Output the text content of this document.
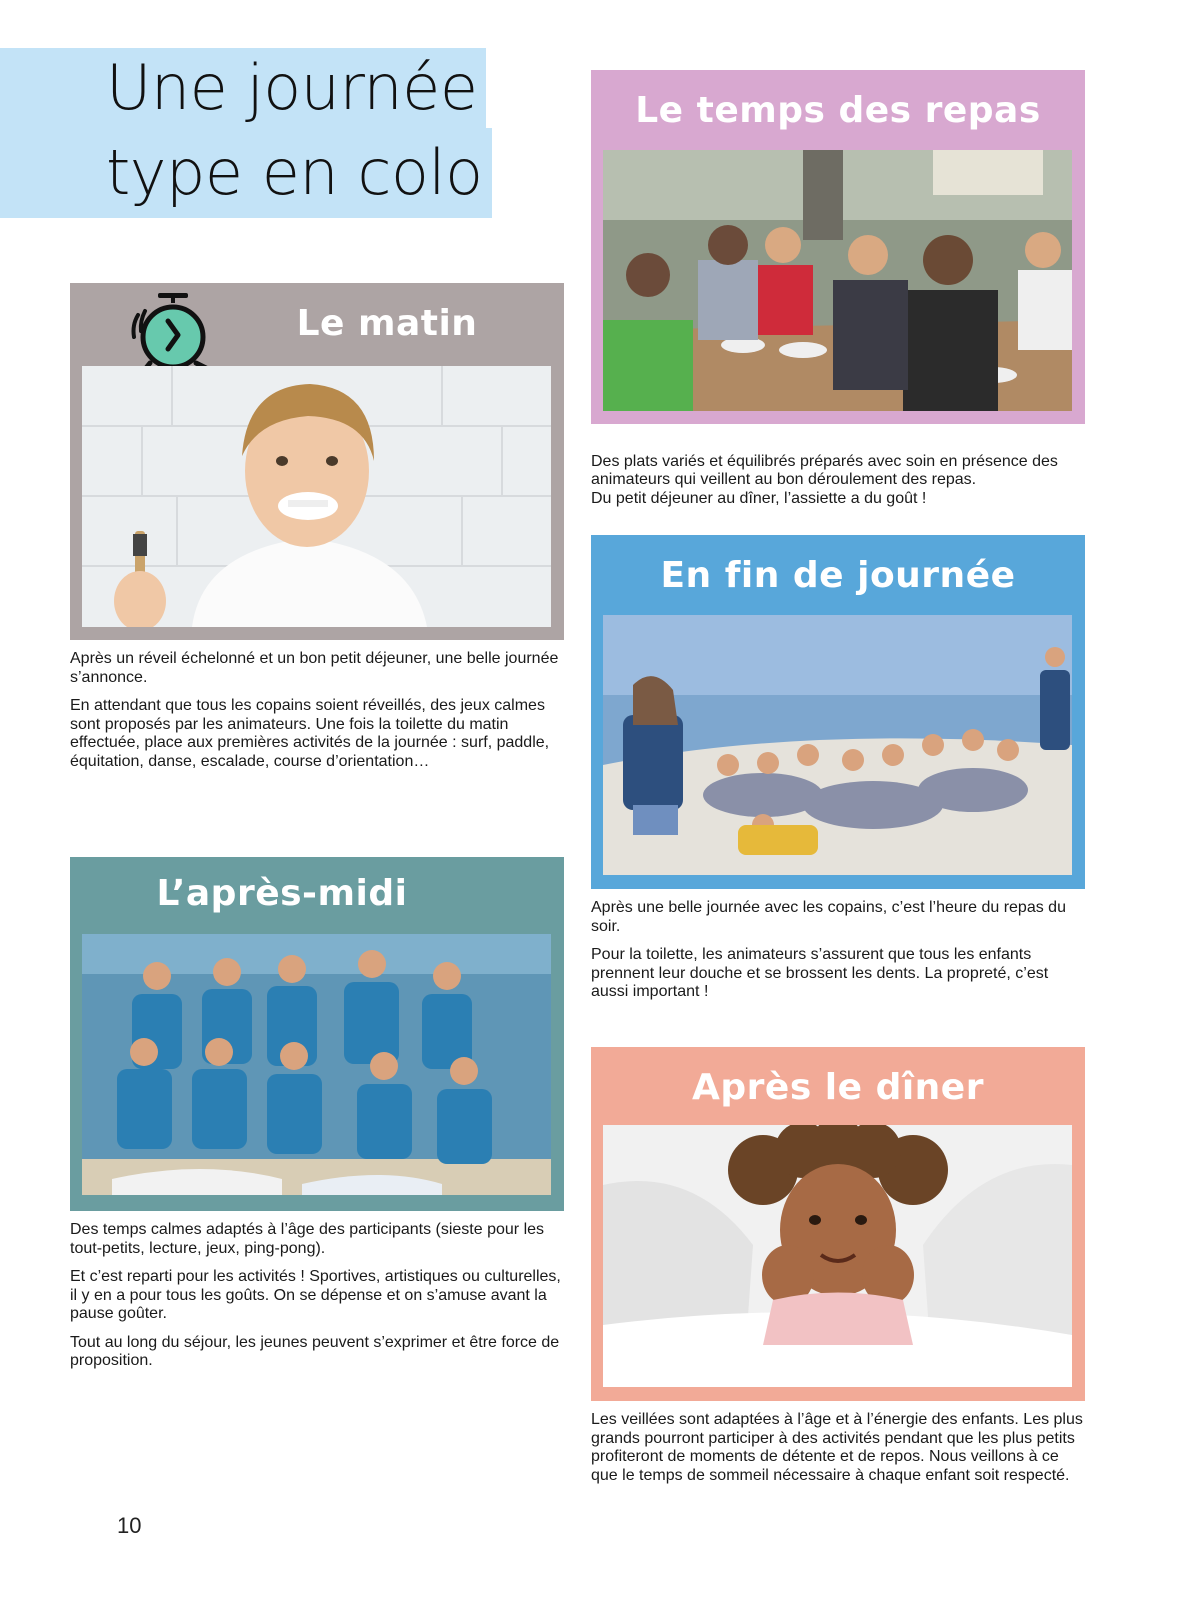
Une journée
type en colo
Le matin

Après un réveil échelonné et un bon petit déjeuner, une belle journée s’annonce.

En attendant que tous les copains soient réveillés, des jeux calmes sont proposés par les animateurs. Une fois la toilette du matin effectuée, place aux premières activités de la journée : surf, paddle, équitation, danse, escalade, course d’orientation…

L’après-midi

Des temps calmes adaptés à l’âge des participants (sieste pour les tout-petits, lecture, jeux, ping-pong).

Et c’est reparti pour les activités ! Sportives, artistiques ou culturelles, il y en a pour tous les goûts. On se dépense et on s’amuse avant la pause goûter.

Tout au long du séjour, les jeunes peuvent s’exprimer et être force de proposition.

Le temps des repas

Des plats variés et équilibrés préparés avec soin en présence des animateurs qui veillent au bon déroulement des repas.
Du petit déjeuner au dîner, l’assiette a du goût !

En fin de journée

Après une belle journée avec les copains, c’est l’heure du repas du soir.

Pour la toilette, les animateurs s’assurent que tous les enfants prennent leur douche et se brossent les dents. La propreté, c’est aussi important !

Après le dîner

Les veillées sont adaptées à l’âge et à l’énergie des enfants. Les plus grands pourront participer à des activités pendant que les plus petits profiteront de moments de détente et de repos. Nous veillons à ce que le temps de sommeil nécessaire à chaque enfant soit respecté.

10
